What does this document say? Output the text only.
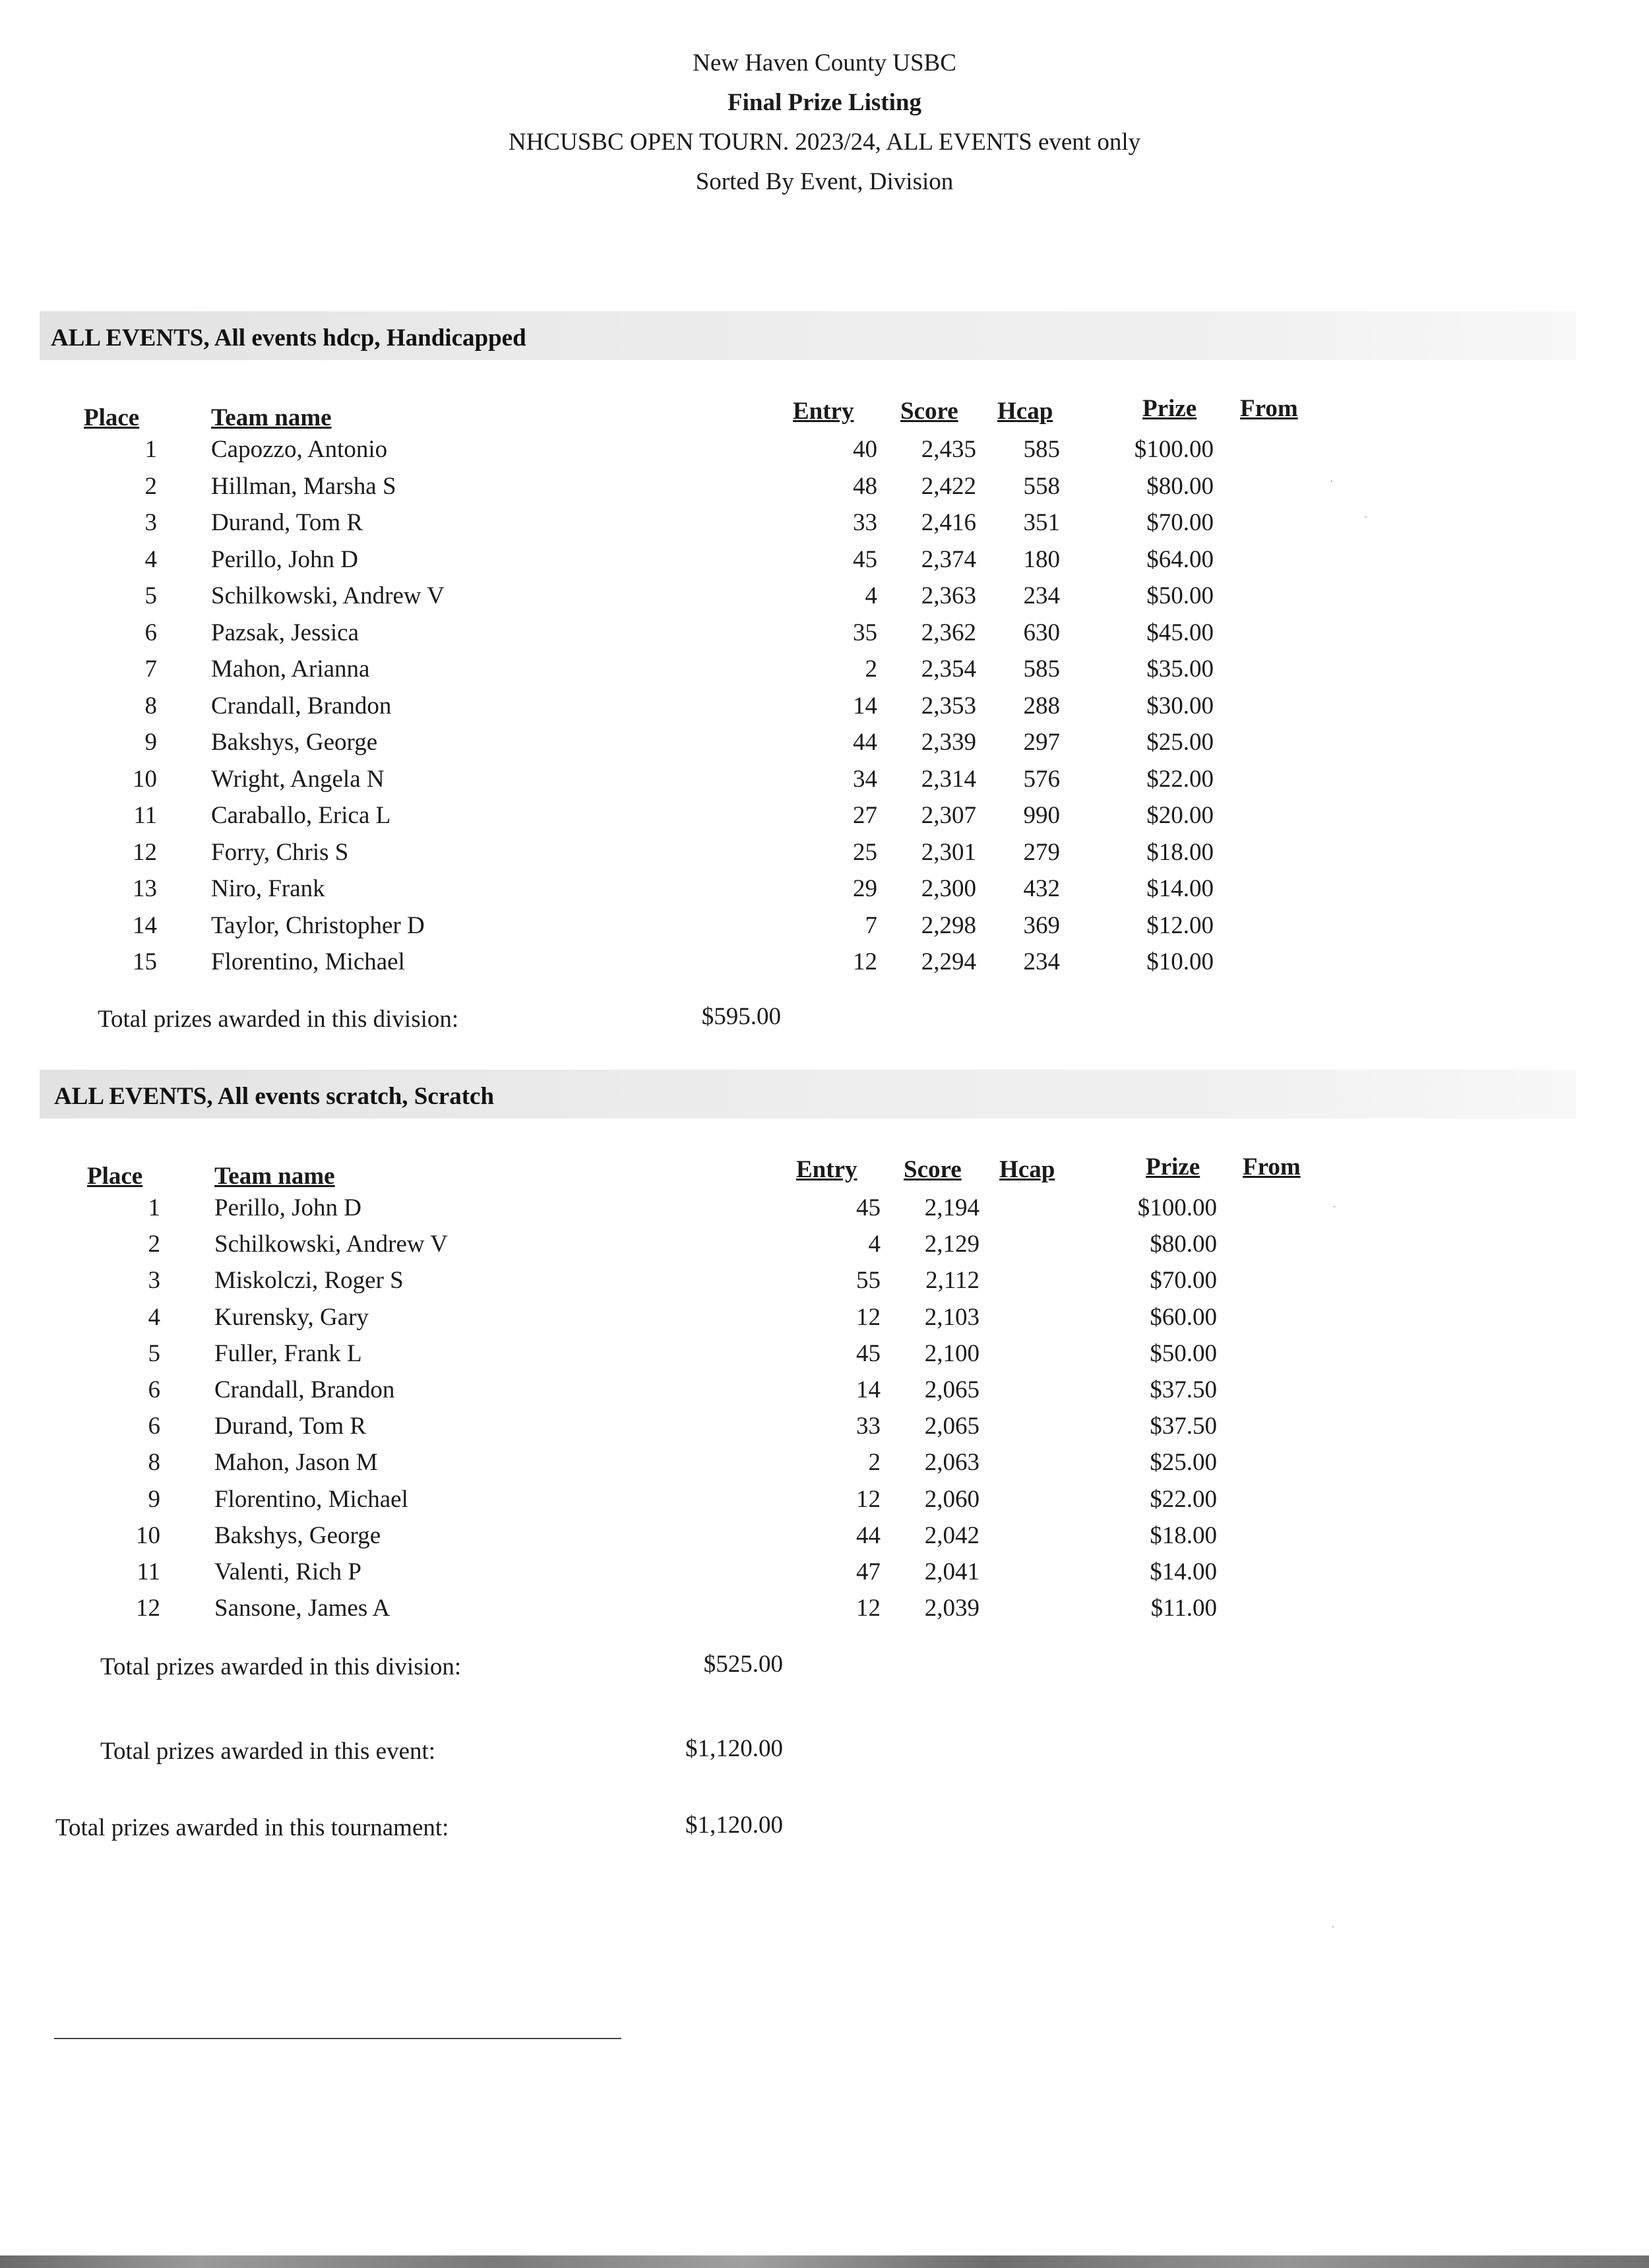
New Haven County USBC
Final Prize Listing
NHCUSBC OPEN TOURN. 2023/24, ALL EVENTS event only
Sorted By Event, Division
ALL EVENTS, All events hdcp, Handicapped
Place	Team name	Entry Score Hcap	Prize From
1 Capozzo, Antonio	40 2,435 585	$100.00
2 Hillman, Marsha S	48 2,422 558	$80.00
3 Durand, Tom R	33 2,416 351	$70.00
4 Perillo, John D	45 2,374 180	$64.00
5 Schilkowski, Andrew V	4 2,363 234	$50.00
6 Pazsak, Jessica	35 2,362 630	$45.00
7 Mahon, Arianna	2 2,354 585	$35.00
8 Crandall, Brandon	14 2,353 288	$30.00
9 Bakshys, George	44 2,339 297	$25.00
10 Wright, Angela N	34 2,314 576	$22.00
11 Caraballo, Erica L	27 2,307 990	$20.00
12 Forry, Chris S	25 2,301 279	$18.00
13 Niro, Frank	29 2,300 432	$14.00
14 Taylor, Christopher D	7 2,298 369	$12.00
15 Florentino, Michael	12 2,294 234	$10.00
Total prizes awarded in this division:	$595.00
ALL EVENTS, All events scratch, Scratch
Place	Team name	Entry Score Hcap	Prize From
1 Perillo, John D	45 2,194	$100.00
2 Schilkowski, Andrew V	4 2,129	$80.00
3 Miskolczi, Roger S	55 2,112	$70.00
4 Kurensky, Gary	12 2,103	$60.00
5 Fuller, Frank L	45 2,100	$50.00
6 Crandall, Brandon	14 2,065	$37.50
6 Durand, Tom R	33 2,065	$37.50
8 Mahon, Jason M	2 2,063	$25.00
9 Florentino, Michael	12 2,060	$22.00
10 Bakshys, George	44 2,042	$18.00
11 Valenti, Rich P	47 2,041	$14.00
12 Sansone, James A	12 2,039	$11.00
Total prizes awarded in this division:	$525.00
Total prizes awarded in this event:	$1,120.00
Total prizes awarded in this tournament:	$1,120.00
·
·
·
·
